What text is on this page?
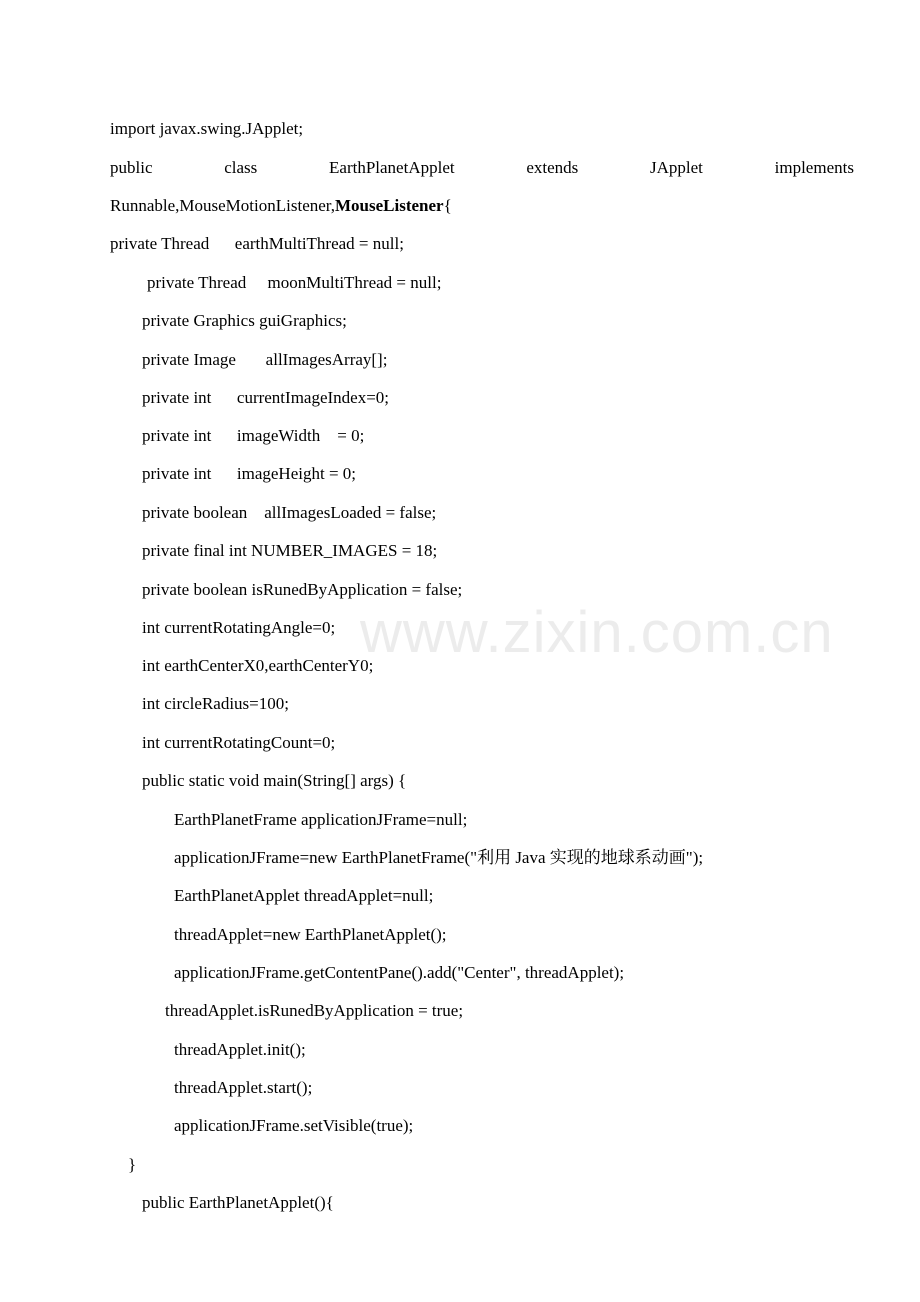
www.zixin.com.cn
import javax.swing.JApplet;
public	class	EarthPlanetApplet	extends	JApplet	implements
Runnable,MouseMotionListener,MouseListener{
private Thread      earthMultiThread = null;
private Thread     moonMultiThread = null;
private Graphics guiGraphics;
private Image       allImagesArray[];
private int      currentImageIndex=0;
private int      imageWidth    = 0;
private int      imageHeight = 0;
private boolean    allImagesLoaded = false;
private final int NUMBER_IMAGES = 18;
private boolean isRunedByApplication = false;
int currentRotatingAngle=0;
int earthCenterX0,earthCenterY0;
int circleRadius=100;
int currentRotatingCount=0;
public static void main(String[] args) {
EarthPlanetFrame applicationJFrame=null;
applicationJFrame=new EarthPlanetFrame("利用 Java 实现的地球系动画");
EarthPlanetApplet threadApplet=null;
threadApplet=new EarthPlanetApplet();
applicationJFrame.getContentPane().add("Center", threadApplet);
threadApplet.isRunedByApplication = true;
threadApplet.init();
threadApplet.start();
applicationJFrame.setVisible(true);
}
public EarthPlanetApplet(){
